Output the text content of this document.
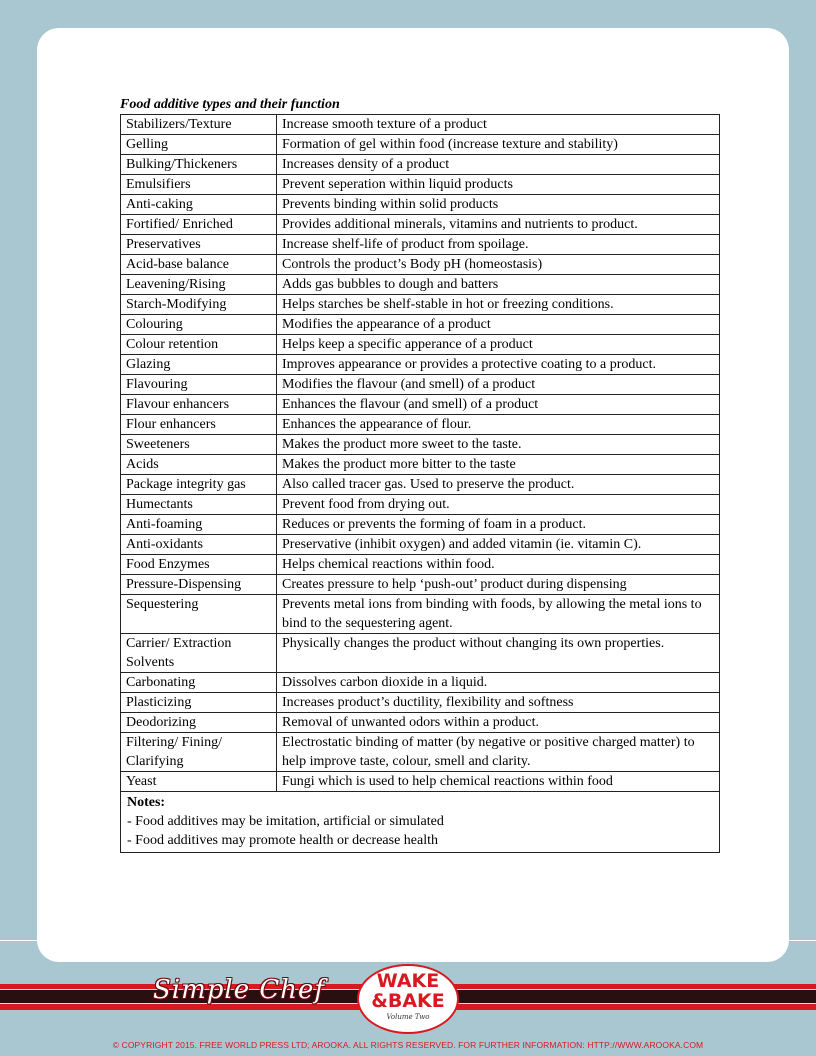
Food additive types and their function
Stabilizers/Texture	Increase smooth texture of a product
Gelling	Formation of gel within food (increase texture and stability)
Bulking/Thickeners	Increases density of a product
Emulsifiers	Prevent seperation within liquid products
Anti-caking	Prevents binding within solid products
Fortified/ Enriched	Provides additional minerals, vitamins and nutrients to product.
Preservatives	Increase shelf-life of product from spoilage.
Acid-base balance	Controls the product’s Body pH (homeostasis)
Leavening/Rising	Adds gas bubbles to dough and batters
Starch-Modifying	Helps starches be shelf-stable in hot or freezing conditions.
Colouring	Modifies the appearance of a product
Colour retention	Helps keep a specific apperance of a product
Glazing	Improves appearance or provides a protective coating to a product.
Flavouring	Modifies the flavour (and smell) of a product
Flavour enhancers	Enhances the flavour (and smell) of a product
Flour enhancers	Enhances the appearance of flour.
Sweeteners	Makes the product more sweet to the taste.
Acids	Makes the product more bitter to the taste
Package integrity gas	Also called tracer gas. Used to preserve the product.
Humectants	Prevent food from drying out.
Anti-foaming	Reduces or prevents the forming of foam in a product.
Anti-oxidants	Preservative (inhibit oxygen) and added vitamin (ie. vitamin C).
Food Enzymes	Helps chemical reactions within food.
Pressure-Dispensing	Creates pressure to help ‘push-out’ product during dispensing
Sequestering	Prevents metal ions from binding with foods, by allowing the metal ions to bind to the sequestering agent.
Carrier/ Extraction Solvents	Physically changes the product without changing its own properties.
Carbonating	Dissolves carbon dioxide in a liquid.
Plasticizing	Increases product’s ductility, flexibility and softness
Deodorizing	Removal of unwanted odors within a product.
Filtering/ Fining/ Clarifying	Electrostatic binding of matter (by negative or positive charged matter) to help improve taste, colour, smell and clarity.
Yeast	Fungi which is used to help chemical reactions within food

Notes:
- Food additives may be imitation, artificial or simulated
- Food additives may promote health or decrease health	
Simple Chef	WAKE
&BAKE
Volume Two
© COPYRIGHT 2015. FREE WORLD PRESS LTD; AROOKA. ALL RIGHTS RESERVED. FOR FURTHER INFORMATION: HTTP://WWW.AROOKA.COM
